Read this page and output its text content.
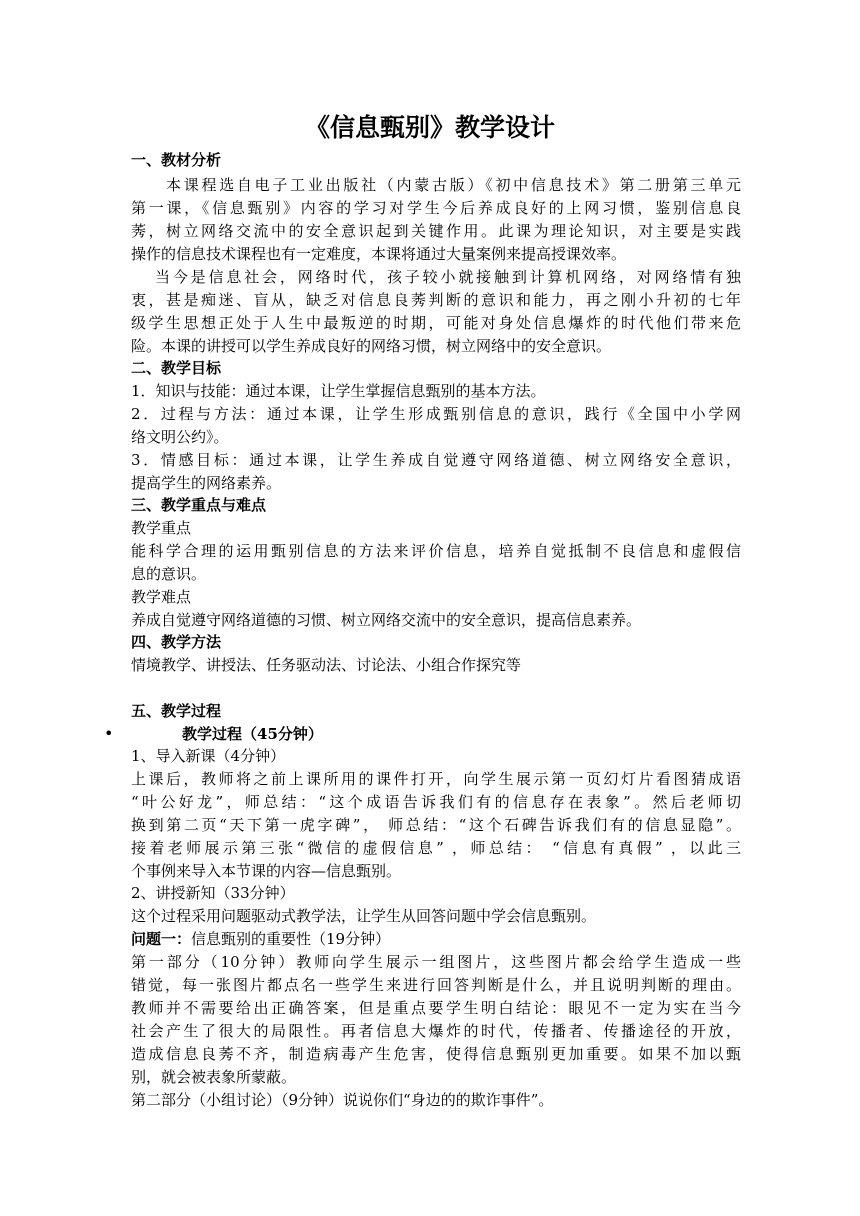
《信息甄别》教学设计
一、教材分析
本课程选自电子工业出版社（内蒙古版）《初中信息技术》第二册第三单元
第一课，《信息甄别》内容的学习对学生今后养成良好的上网习惯，鉴别信息良
莠，树立网络交流中的安全意识起到关键作用。此课为理论知识，对主要是实践
操作的信息技术课程也有一定难度，本课将通过大量案例来提高授课效率。
当今是信息社会，网络时代，孩子较小就接触到计算机网络，对网络情有独
衷，甚是痴迷、盲从，缺乏对信息良莠判断的意识和能力，再之刚小升初的七年
级学生思想正处于人生中最叛逆的时期，可能对身处信息爆炸的时代他们带来危
险。本课的讲授可以学生养成良好的网络习惯，树立网络中的安全意识。
二、教学目标
1．知识与技能：通过本课，让学生掌握信息甄别的基本方法。
2．过程与方法：通过本课，让学生形成甄别信息的意识，践行《全国中小学网
络文明公约》。
3．情感目标：通过本课，让学生养成自觉遵守网络道德、树立网络安全意识，
提高学生的网络素养。
三、教学重点与难点
教学重点
能科学合理的运用甄别信息的方法来评价信息，培养自觉抵制不良信息和虚假信
息的意识。
教学难点
养成自觉遵守网络道德的习惯、树立网络交流中的安全意识，提高信息素养。
四、教学方法
情境教学、讲授法、任务驱动法、讨论法、小组合作探究等
五、教学过程
•	教学过程（45分钟）
1、导入新课（4分钟）
上课后，教师将之前上课所用的课件打开，向学生展示第一页幻灯片看图猜成语
“叶公好龙”，师总结：“这个成语告诉我们有的信息存在表象”。然后老师切
换到第二页“天下第一虎字碑”， 师总结：“这个石碑告诉我们有的信息显隐”。
接着老师展示第三张“微信的虚假信息” ，师总结： “信息有真假” ，以此三
个事例来导入本节课的内容—信息甄别。
2、讲授新知（33分钟）
这个过程采用问题驱动式教学法，让学生从回答问题中学会信息甄别。
问题一：信息甄别的重要性（19分钟）
第一部分（10分钟）教师向学生展示一组图片，这些图片都会给学生造成一些
错觉，每一张图片都点名一些学生来进行回答判断是什么，并且说明判断的理由。
教师并不需要给出正确答案，但是重点要学生明白结论：眼见不一定为实在当今
社会产生了很大的局限性。再者信息大爆炸的时代，传播者、传播途径的开放，
造成信息良莠不齐，制造病毒产生危害，使得信息甄别更加重要。如果不加以甄
别，就会被表象所蒙蔽。
第二部分（小组讨论）（9分钟）说说你们“身边的的欺诈事件”。
